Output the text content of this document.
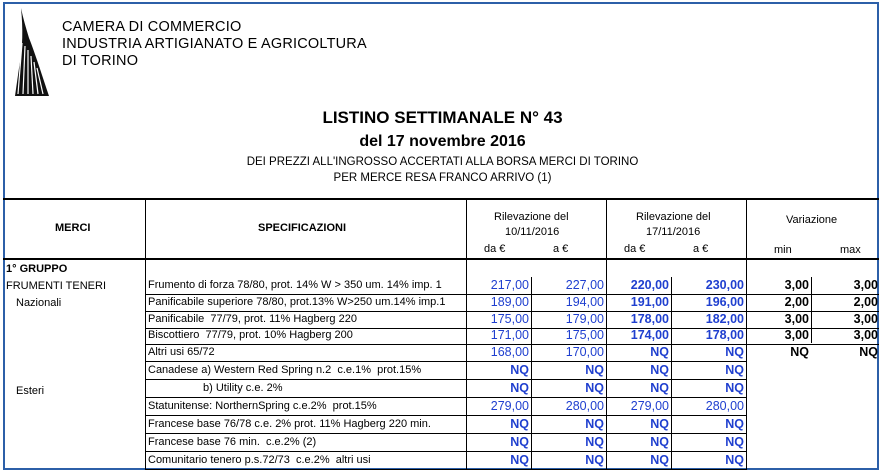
CAMERA DI COMMERCIO
INDUSTRIA ARTIGIANATO E AGRICOLTURA
DI TORINO
LISTINO SETTIMANALE N° 43
del 17 novembre 2016
DEI PREZZI ALL'INGROSSO ACCERTATI ALLA BORSA MERCI DI TORINO
PER MERCE RESA FRANCO ARRIVO (1)
MERCI	SPECIFICAZIONI
Rilevazione del
10/11/2016
da €	a €
Rilevazione del
17/11/2016
da €	a €
Variazione
min	max
1° GRUPPO
FRUMENTI TENERI
Nazionali
Esteri
Frumento di forza 78/80, prot. 14% W > 350 um. 14% imp. 1	217,00	227,00 220,00	230,00	3,00	3,00
Panificabile superiore 78/80, prot.13% W>250 um.14% imp.1	189,00	194,00 191,00	196,00	2,00	2,00
Panificabile  77/79, prot. 11% Hagberg 220	175,00	179,00 178,00	182,00	3,00	3,00
Biscottiero  77/79, prot. 10% Hagberg 200	171,00	175,00 174,00	178,00	3,00	3,00
Altri usi 65/72	168,00	170,00	NQ	NQ	NQ	NQ
Canadese a) Western Red Spring n.2  c.e.1%  prot.15%	NQ	NQ	NQ	NQ
b) Utility c.e. 2%	NQ	NQ	NQ	NQ
Statunitense: NorthernSpring c.e.2%  prot.15%	279,00	280,00 279,00	280,00
Francese base 76/78 c.e. 2% prot. 11% Hagberg 220 min.	NQ	NQ	NQ	NQ
Francese base 76 min.  c.e.2% (2)	NQ	NQ	NQ	NQ
Comunitario tenero p.s.72/73  c.e.2%  altri usi	NQ	NQ	NQ	NQ
